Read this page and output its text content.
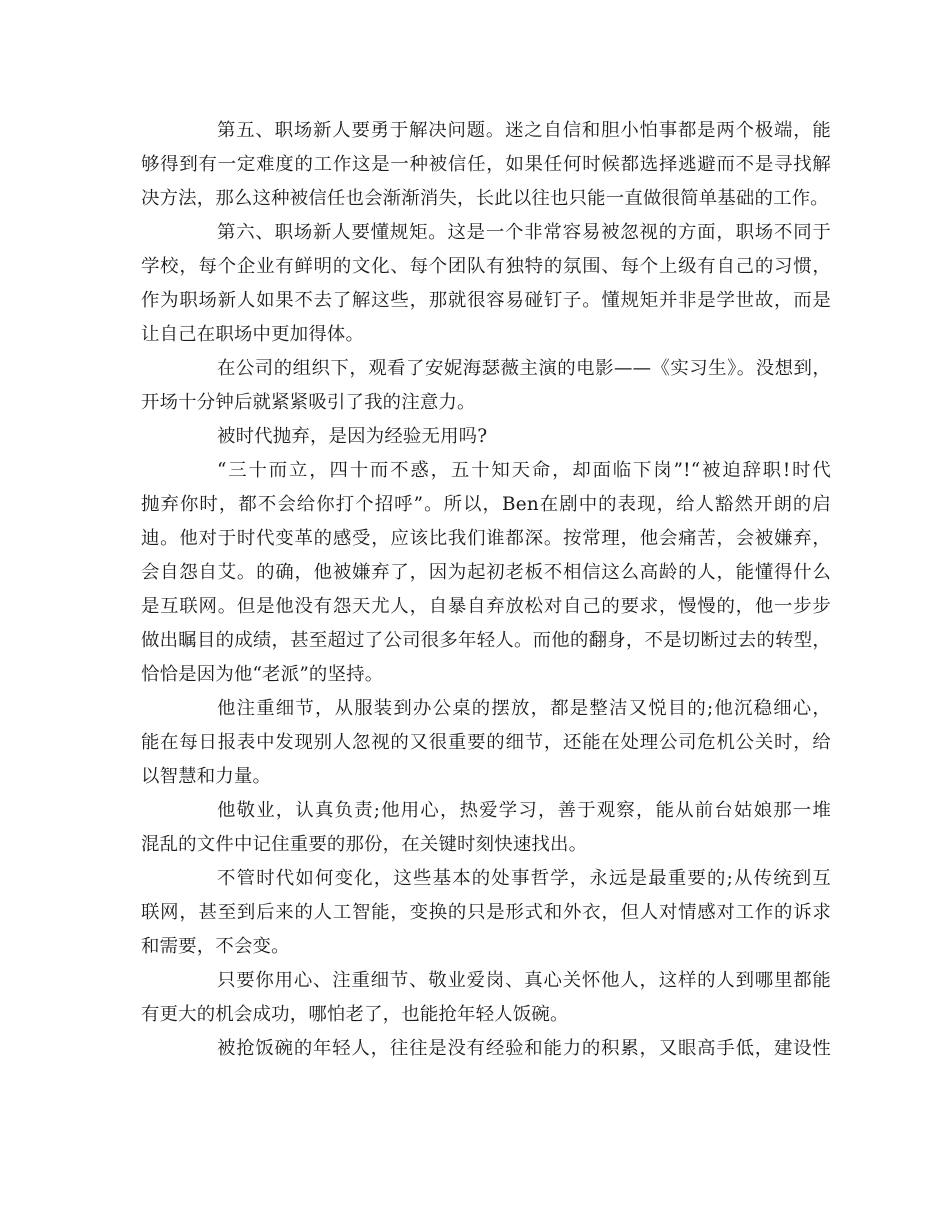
第五、职场新人要勇于解决问题。迷之自信和胆小怕事都是两个极端，能
够得到有一定难度的工作这是一种被信任，如果任何时候都选择逃避而不是寻找解
决方法，那么这种被信任也会渐渐消失，长此以往也只能一直做很简单基础的工作。
第六、职场新人要懂规矩。这是一个非常容易被忽视的方面，职场不同于
学校，每个企业有鲜明的文化、每个团队有独特的氛围、每个上级有自己的习惯，
作为职场新人如果不去了解这些，那就很容易碰钉子。懂规矩并非是学世故，而是
让自己在职场中更加得体。
在公司的组织下，观看了安妮海瑟薇主演的电影——《实习生》。没想到，
开场十分钟后就紧紧吸引了我的注意力。
被时代抛弃，是因为经验无用吗?
“三十而立，四十而不惑，五十知天命，却面临下岗”!“被迫辞职!时代
抛弃你时，都不会给你打个招呼”。所以，Ben在剧中的表现，给人豁然开朗的启
迪。他对于时代变革的感受，应该比我们谁都深。按常理，他会痛苦，会被嫌弃，
会自怨自艾。的确，他被嫌弃了，因为起初老板不相信这么高龄的人，能懂得什么
是互联网。但是他没有怨天尤人，自暴自弃放松对自己的要求，慢慢的，他一步步
做出瞩目的成绩，甚至超过了公司很多年轻人。而他的翻身，不是切断过去的转型，
恰恰是因为他“老派”的坚持。
他注重细节，从服装到办公桌的摆放，都是整洁又悦目的;他沉稳细心，
能在每日报表中发现别人忽视的又很重要的细节，还能在处理公司危机公关时，给
以智慧和力量。
他敬业，认真负责;他用心，热爱学习，善于观察，能从前台姑娘那一堆
混乱的文件中记住重要的那份，在关键时刻快速找出。
不管时代如何变化，这些基本的处事哲学，永远是最重要的;从传统到互
联网，甚至到后来的人工智能，变换的只是形式和外衣，但人对情感对工作的诉求
和需要，不会变。
只要你用心、注重细节、敬业爱岗、真心关怀他人，这样的人到哪里都能
有更大的机会成功，哪怕老了，也能抢年轻人饭碗。
被抢饭碗的年轻人，往往是没有经验和能力的积累，又眼高手低，建设性
